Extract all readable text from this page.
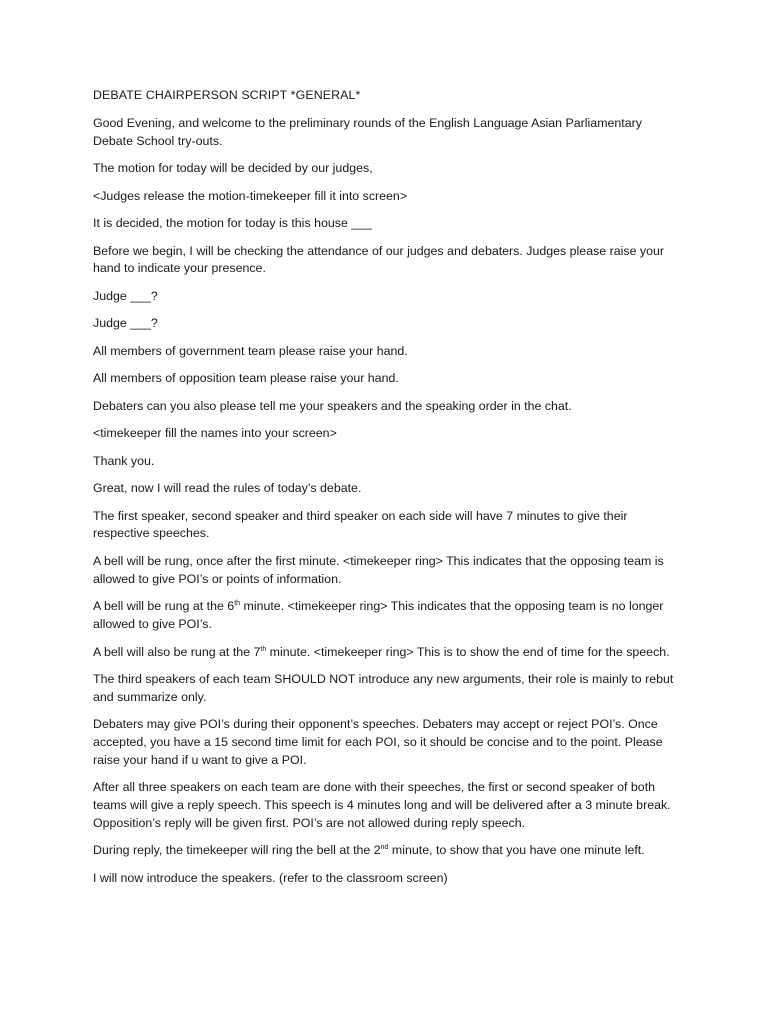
DEBATE CHAIRPERSON SCRIPT *GENERAL*

Good Evening, and welcome to the preliminary rounds of the English Language Asian Parliamentary Debate School try-outs.

The motion for today will be decided by our judges,

<Judges release the motion-timekeeper fill it into screen>

It is decided, the motion for today is this house ___

Before we begin, I will be checking the attendance of our judges and debaters. Judges please raise your hand to indicate your presence.

Judge ___?

Judge ___?

All members of government team please raise your hand.

All members of opposition team please raise your hand.

Debaters can you also please tell me your speakers and the speaking order in the chat.

<timekeeper fill the names into your screen>

Thank you.

Great, now I will read the rules of today’s debate.

The first speaker, second speaker and third speaker on each side will have 7 minutes to give their respective speeches.

A bell will be rung, once after the first minute. <timekeeper ring> This indicates that the opposing team is allowed to give POI’s or points of information.

A bell will be rung at the 6th minute. <timekeeper ring> This indicates that the opposing team is no longer allowed to give POI’s.

A bell will also be rung at the 7th minute. <timekeeper ring> This is to show the end of time for the speech.

The third speakers of each team SHOULD NOT introduce any new arguments, their role is mainly to rebut and summarize only.

Debaters may give POI’s during their opponent’s speeches. Debaters may accept or reject POI’s. Once accepted, you have a 15 second time limit for each POI, so it should be concise and to the point. Please raise your hand if u want to give a POI.

After all three speakers on each team are done with their speeches, the first or second speaker of both teams will give a reply speech. This speech is 4 minutes long and will be delivered after a 3 minute break. Opposition’s reply will be given first. POI’s are not allowed during reply speech.

During reply, the timekeeper will ring the bell at the 2nd minute, to show that you have one minute left.

I will now introduce the speakers. (refer to the classroom screen)
